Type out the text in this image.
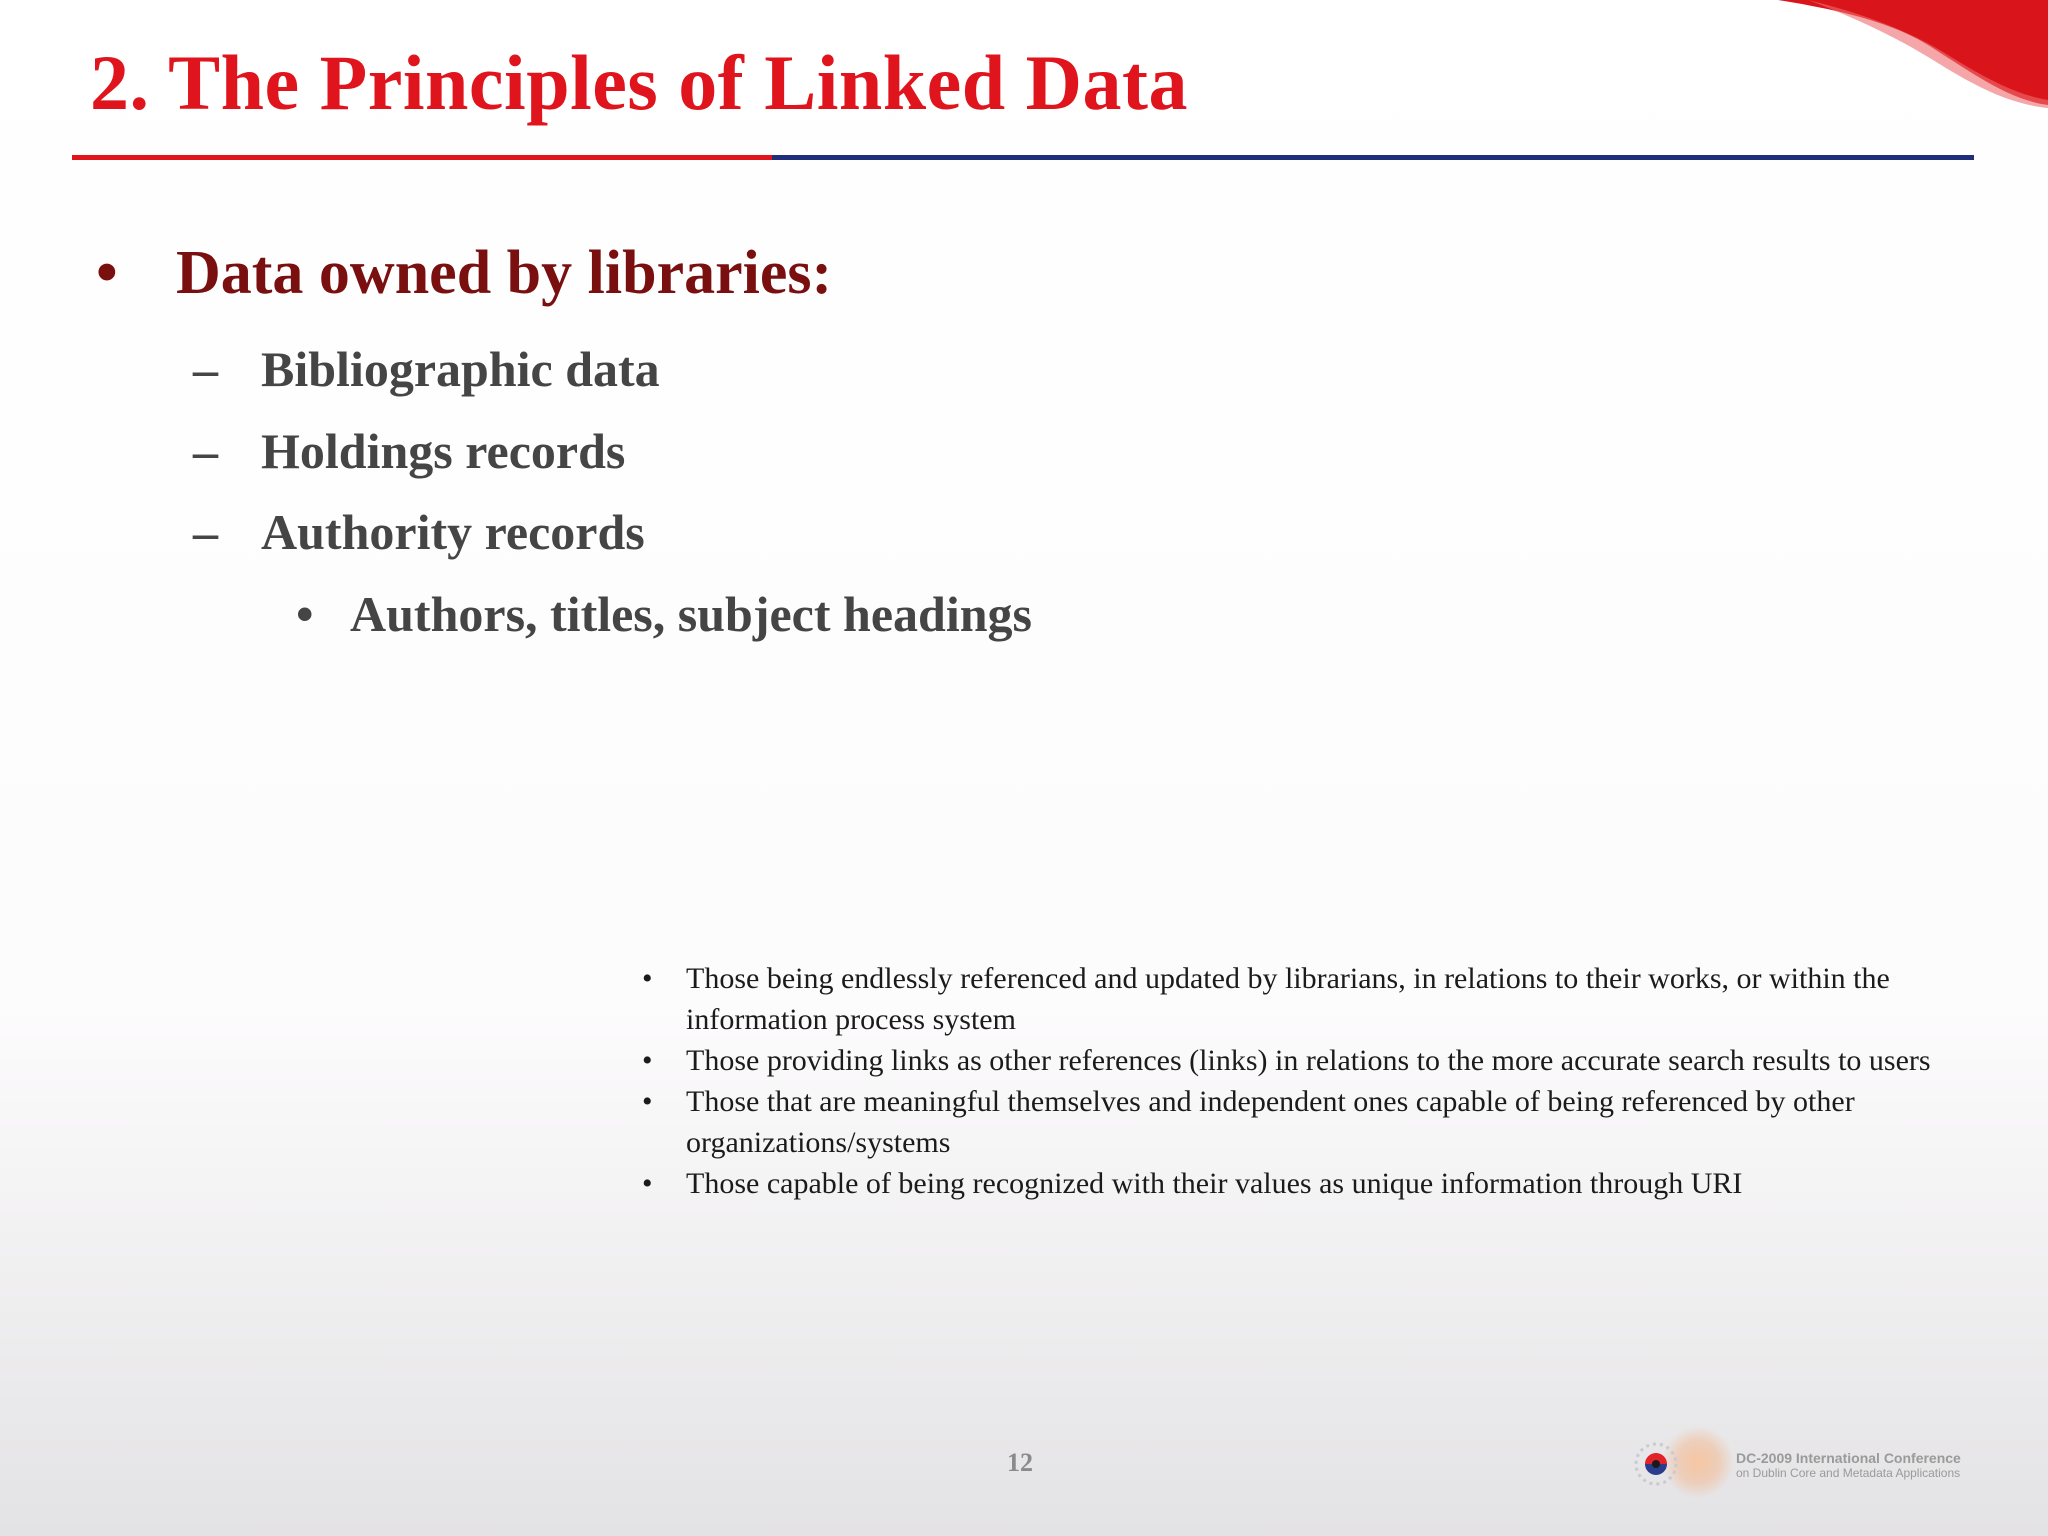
2. The Principles of Linked Data
• Data owned by libraries:
– Bibliographic data
– Holdings records
– Authority records
• Authors, titles, subject headings
• Those being endlessly referenced and updated by librarians, in relations to their works, or within the information process system
• Those providing links as other references (links) in relations to the more accurate search results to users
• Those that are meaningful themselves and independent ones capable of being referenced by other organizations/systems
• Those capable of being recognized with their values as unique information through URI
12	DC-2009 International Conference
on Dublin Core and Metadata Applications
